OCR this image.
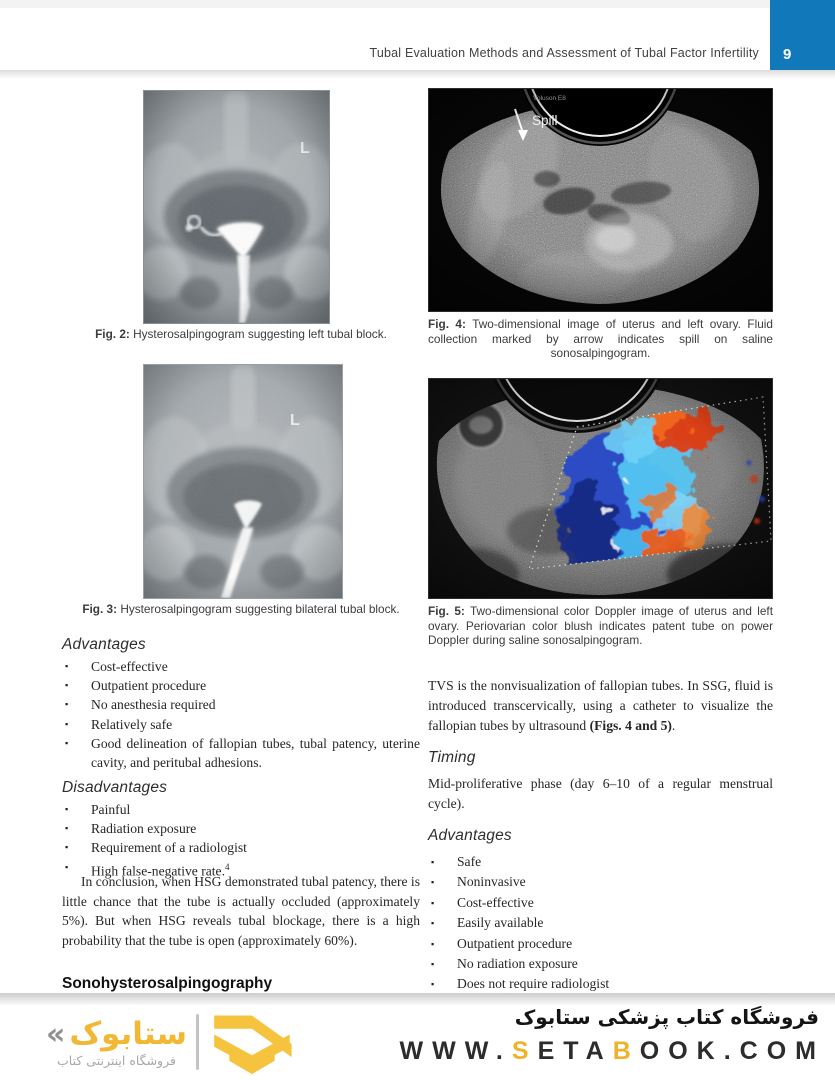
Tubal Evaluation Methods and Assessment of Tubal Factor Infertility 9
Fig. 2: Hysterosalpingogram suggesting left tubal block.
Fig. 3: Hysterosalpingogram suggesting bilateral tubal block.
Fig. 4: Two-dimensional image of uterus and left ovary. Fluid collection marked by arrow indicates spill on saline sonosalpingogram.
Fig. 5: Two-dimensional color Doppler image of uterus and left ovary. Periovarian color blush indicates patent tube on power Doppler during saline sonosalpingogram.
Advantages
▪ Cost-effective
▪ Outpatient procedure
▪ No anesthesia required
▪ Relatively safe
▪ Good delineation of fallopian tubes, tubal patency, uterine cavity, and peritubal adhesions.
Disadvantages
▪ Painful
▪ Radiation exposure
▪ Requirement of a radiologist
▪ High false-negative rate.$^4$
In conclusion, when HSG demonstrated tubal patency, there is little chance that the tube is actually occluded (approximately 5%). But when HSG reveals tubal blockage, there is a high probability that the tube is open (approximately 60%).
Sonohysterosalpingography
TVS is the nonvisualization of fallopian tubes. In SSG, fluid is introduced transcervically, using a catheter to visualize the fallopian tubes by ultrasound (Figs. 4 and 5).
Timing
Mid-proliferative phase (day 6–10 of a regular menstrual cycle).
Advantages
▪ Safe
▪ Noninvasive
▪ Cost-effective
▪ Easily available
▪ Outpatient procedure
▪ No radiation exposure
▪ Does not require radiologist
« ستابوک
فروشگاه اینترنتی کتاب
فروشگاه کتاب پزشکی ستابوک
WWW.SETABOOK.COM
